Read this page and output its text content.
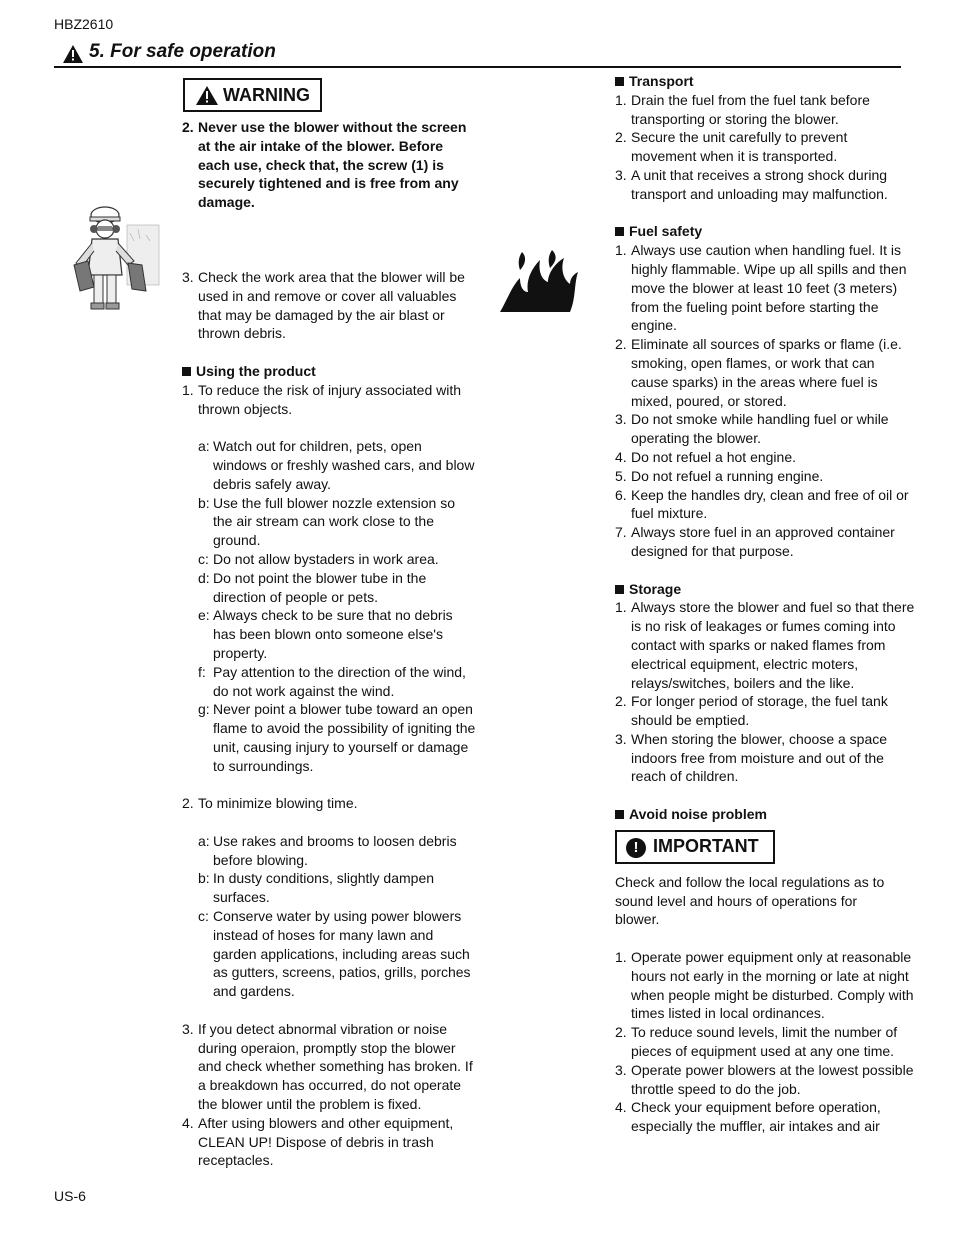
HBZ2610
5. For safe operation
WARNING
2. Never use the blower without the screen at the air intake of the blower. Before each use, check that, the screw (1) is securely tightened and is free from any damage.
3. Check the work area that the blower will be used in and remove or cover all valuables that may be damaged by the air blast or thrown debris.
Using the product
1. To reduce the risk of injury associated with thrown objects.
a: Watch out for children, pets, open windows or freshly washed cars, and blow debris safely away.
b: Use the full blower nozzle extension so the air stream can work close to the ground.
c: Do not allow bystaders in work area.
d: Do not point the blower tube in the direction of people or pets.
e: Always check to be sure that no debris has been blown onto someone else's property.
f: Pay attention to the direction of the wind, do not work against the wind.
g: Never point a blower tube toward an open flame to avoid the possibility of igniting the unit, causing injury to yourself or damage to surroundings.
2. To minimize blowing time.
a: Use rakes and brooms to loosen debris before blowing.
b: In dusty conditions, slightly dampen surfaces.
c: Conserve water by using power blowers instead of hoses for many lawn and garden applications, including areas such as gutters, screens, patios, grills, porches and gardens.
3. If you detect abnormal vibration or noise during operaion, promptly stop the blower and check whether something has broken. If a breakdown has occurred, do not operate the blower until the problem is fixed.
4. After using blowers and other equipment, CLEAN UP! Dispose of debris in trash receptacles.
Transport
1. Drain the fuel from the fuel tank before transporting or storing the blower.
2. Secure the unit carefully to prevent movement when it is transported.
3. A unit that receives a strong shock during transport and unloading may malfunction.
Fuel safety
1. Always use caution when handling fuel. It is highly flammable. Wipe up all spills and then move the blower at least 10 feet (3 meters) from the fueling point before starting the engine.
2. Eliminate all sources of sparks or flame (i.e. smoking, open flames, or work that can cause sparks) in the areas where fuel is mixed, poured, or stored.
3. Do not smoke while handling fuel or while operating the blower.
4. Do not refuel a hot engine.
5. Do not refuel a running engine.
6. Keep the handles dry, clean and free of oil or fuel mixture.
7. Always store fuel in an approved container designed for that purpose.
Storage
1. Always store the blower and fuel so that there is no risk of leakages or fumes coming into contact with sparks or naked flames from electrical equipment, electric moters, relays/switches, boilers and the like.
2. For longer period of storage, the fuel tank should be emptied.
3. When storing the blower, choose a space indoors free from moisture and out of the reach of children.
Avoid noise problem
! IMPORTANT

Check and follow the local regulations as to sound level and hours of operations for blower.

1. Operate power equipment only at reasonable hours not early in the morning or late at night when people might be disturbed. Comply with times listed in local ordinances.
2. To reduce sound levels, limit the number of pieces of equipment used at any one time.
3. Operate power blowers at the lowest possible throttle speed to do the job.
4. Check your equipment before operation, especially the muffler, air intakes and air
US-6
